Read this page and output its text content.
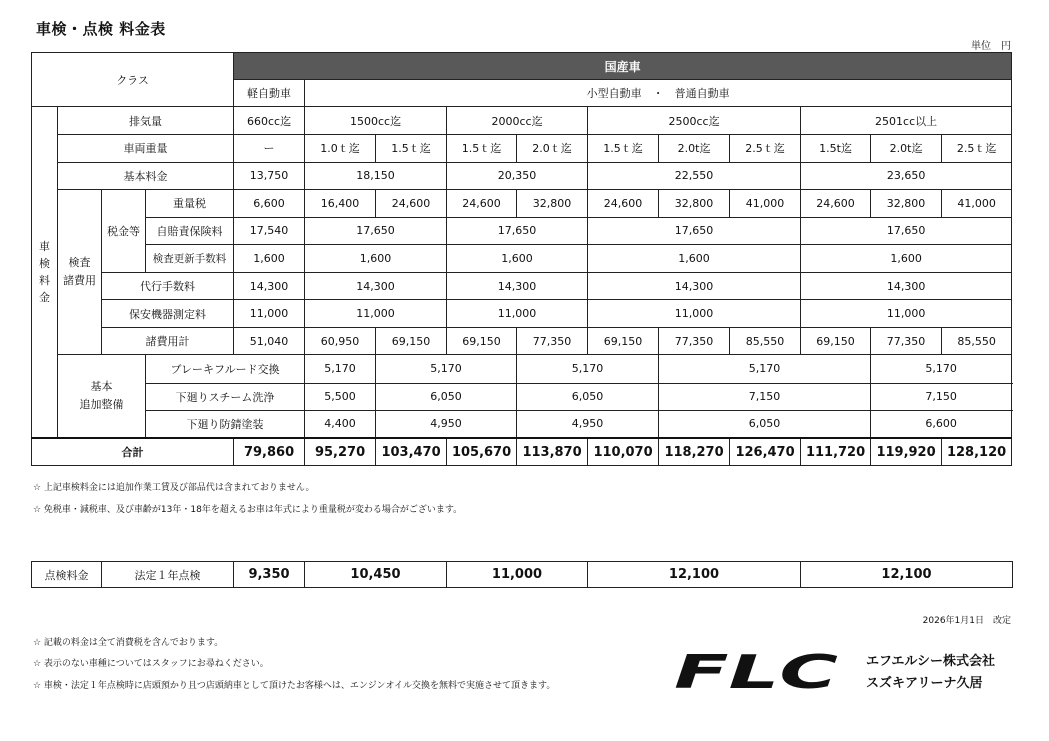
車検・点検 料金表
単位　円
クラス				国産車										
				軽自動車	小型自動車　・　普通自動車									
車
検
料
金	排気量			660cc迄	1500cc迄		2000cc迄		2500cc迄			2501cc以上		
	車両重量			ー	1.0ｔ迄	1.5ｔ迄	1.5ｔ迄	2.0ｔ迄	1.5ｔ迄	2.0t迄	2.5ｔ迄	1.5t迄	2.0t迄	2.5ｔ迄
	基本料金			13,750	18,150		20,350		22,550			23,650		
	検査
諸費用	税金等	重量税	6,600	16,400	24,600	24,600	32,800	24,600	32,800	41,000	24,600	32,800	41,000
			自賠責保険料	17,540	17,650		17,650		17,650			17,650		
			検査更新手数料	1,600	1,600		1,600		1,600			1,600		
		代行手数料		14,300	14,300		14,300		14,300			14,300		
		保安機器測定料		11,000	11,000		11,000		11,000			11,000		
		諸費用計		51,040	60,950	69,150	69,150	77,350	69,150	77,350	85,550	69,150	77,350	85,550
	基本
追加整備		ブレーキフルード交換		5,170	5,170		5,170		5,170			5,170	
			下廻りスチーム洗浄		5,500	6,050		6,050		7,150			7,150	
			下廻り防錆塗装		4,400	4,950		4,950		6,050			6,600	
合計				79,860	95,270	103,470	105,670	113,870	110,070	118,270	126,470	111,720	119,920	128,120
☆ 上記車検料金には追加作業工賃及び部品代は含まれておりません。
☆ 免税車・減税車、及び車齢が13年・18年を超えるお車は年式により重量税が変わる場合がございます。
点検料金	法定１年点検	9,350	10,450	11,000	12,100	12,100
2026年1月1日　改定
☆ 記載の料金は全て消費税を含んでおります。
☆ 表示のない車種についてはスタッフにお尋ねください。
☆ 車検・法定１年点検時に店頭預かり且つ店頭納車として頂けたお客様へは、エンジンオイル交換を無料で実施させて頂きます。	FLC エフエルシー株式会社
スズキアリーナ久居
